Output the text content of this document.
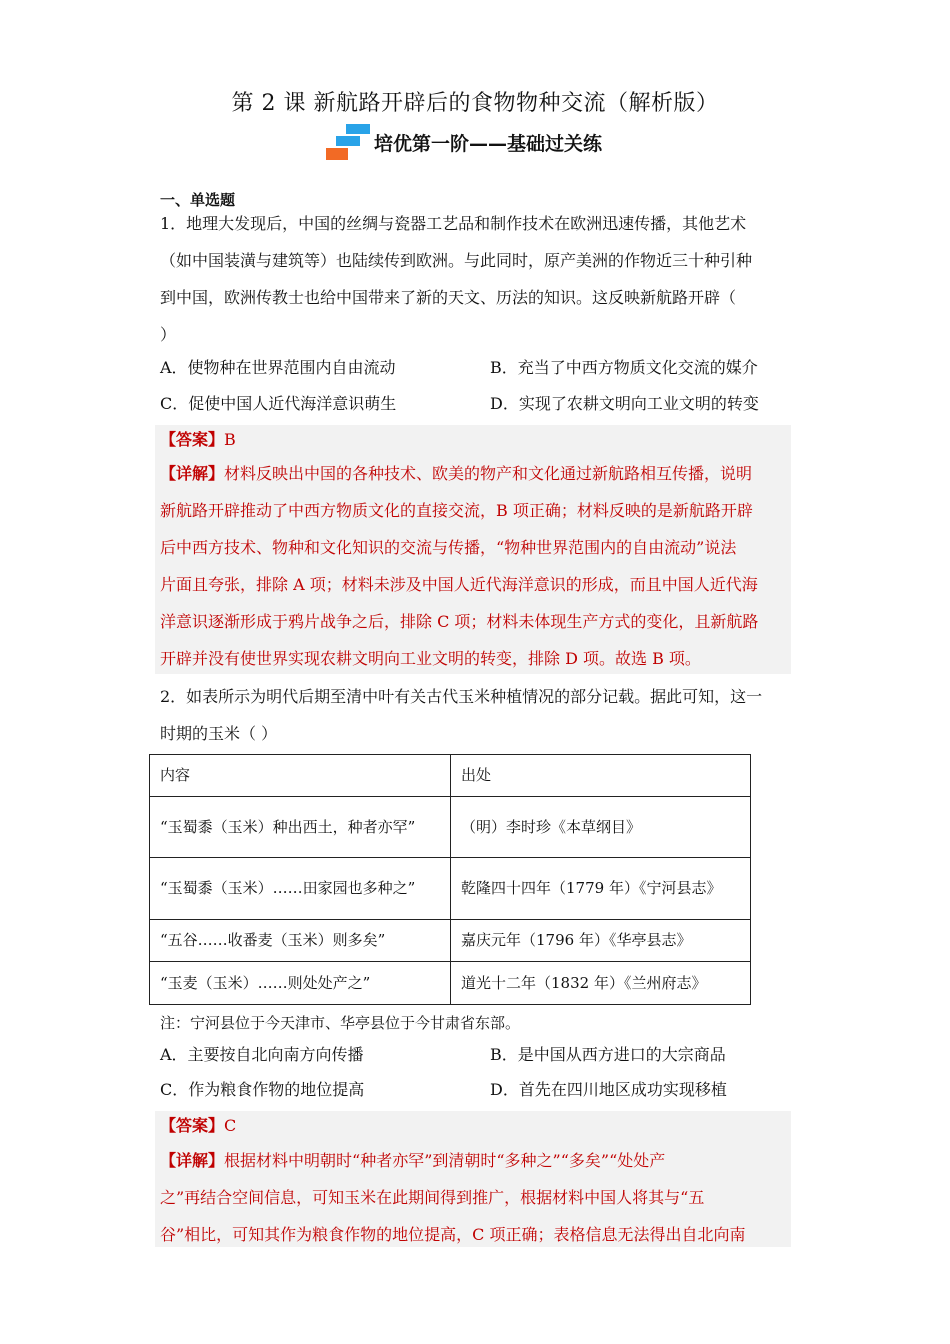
第 2 课 新航路开辟后的食物物种交流（解析版）
培优第一阶——基础过关练
一、单选题
1．地理大发现后，中国的丝绸与瓷器工艺品和制作技术在欧洲迅速传播，其他艺术
（如中国装潢与建筑等）也陆续传到欧洲。与此同时，原产美洲的作物近三十种引种
到中国，欧洲传教士也给中国带来了新的天文、历法的知识。这反映新航路开辟（
）
A．使物种在世界范围内自由流动	B．充当了中西方物质文化交流的媒介
C．促使中国人近代海洋意识萌生	D．实现了农耕文明向工业文明的转变
【答案】B
【详解】材料反映出中国的各种技术、欧美的物产和文化通过新航路相互传播，说明
新航路开辟推动了中西方物质文化的直接交流，B 项正确；材料反映的是新航路开辟
后中西方技术、物种和文化知识的交流与传播，“物种世界范围内的自由流动”说法
片面且夸张，排除 A 项；材料未涉及中国人近代海洋意识的形成，而且中国人近代海
洋意识逐渐形成于鸦片战争之后，排除 C 项；材料未体现生产方式的变化，且新航路
开辟并没有使世界实现农耕文明向工业文明的转变，排除 D 项。故选 B 项。
2．如表所示为明代后期至清中叶有关古代玉米种植情况的部分记载。据此可知，这一
时期的玉米（ ）
内容	出处
“玉蜀黍（玉米）种出西土，种者亦罕”	（明）李时珍《本草纲目》
“玉蜀黍（玉米）……田家园也多种之”	乾隆四十四年（1779 年）《宁河县志》
“五谷……收番麦（玉米）则多矣”	嘉庆元年（1796 年）《华亭县志》
“玉麦（玉米）……则处处产之”	道光十二年（1832 年）《兰州府志》
注：宁河县位于今天津市、华亭县位于今甘肃省东部。
A．主要按自北向南方向传播	B．是中国从西方进口的大宗商品
C．作为粮食作物的地位提高	D．首先在四川地区成功实现移植
【答案】C
【详解】根据材料中明朝时“种者亦罕”到清朝时“多种之”“多矣”“处处产
之”再结合空间信息，可知玉米在此期间得到推广，根据材料中国人将其与“五
谷”相比，可知其作为粮食作物的地位提高，C 项正确；表格信息无法得出自北向南
